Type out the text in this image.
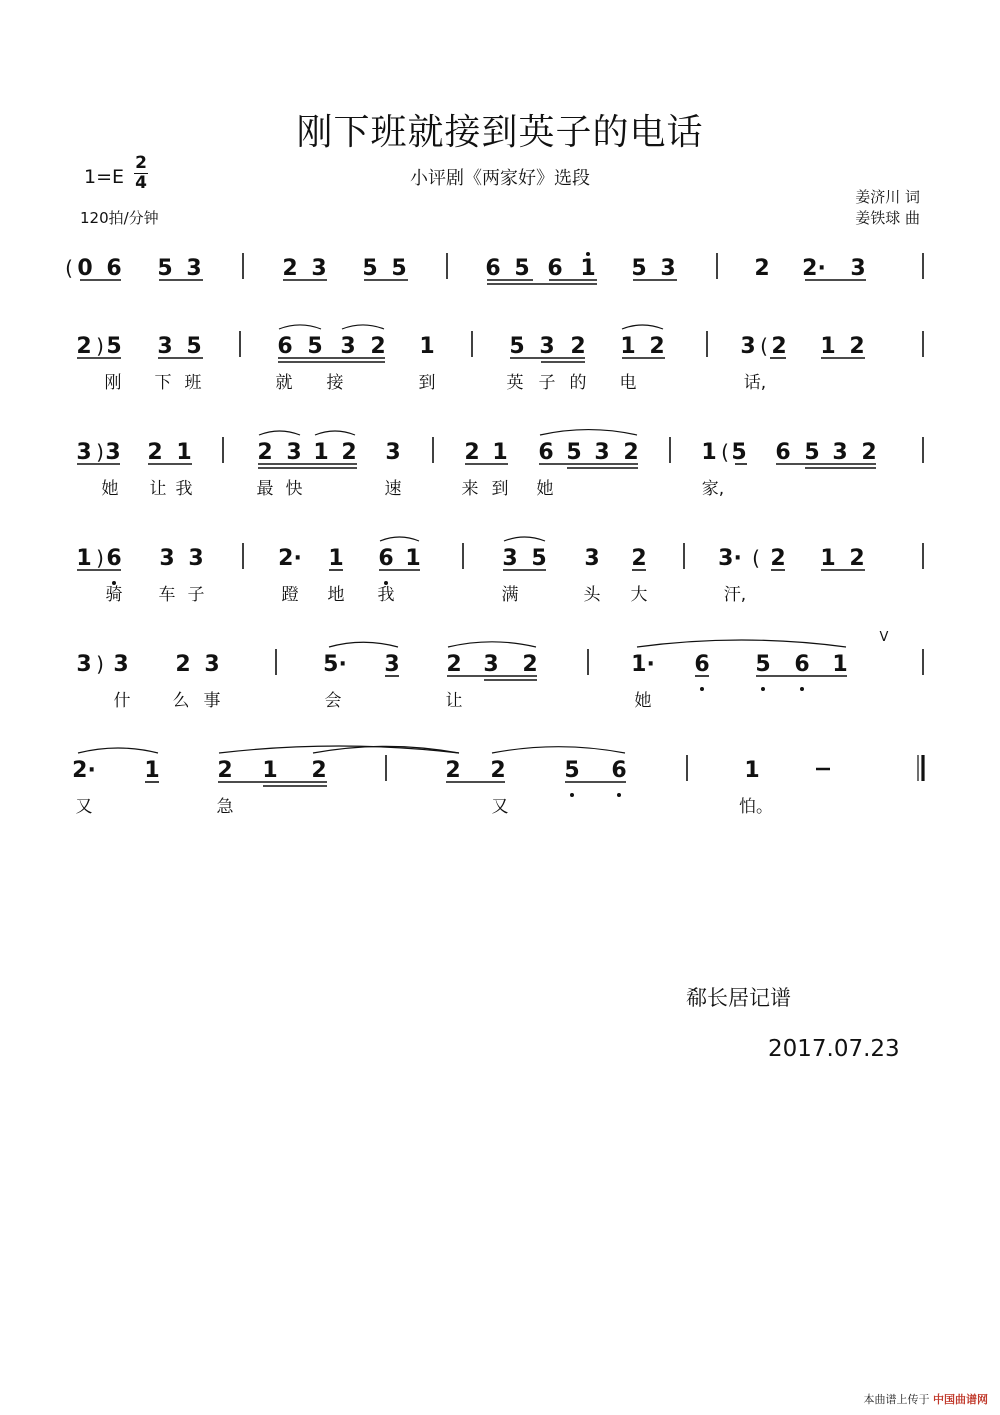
刚下班就接到英子的电话
小评剧《两家好》选段
1=E
2
4
120拍/分钟
姜济川 词
姜铁球 曲
( 0 6 5 3	2 3 5 5	6 5 6 1 5 3	2 2· 3
2 ) 5 3 5	6 5 3 2 1	5 3 2 1 2	3 ( 2 1 2
刚 下 班	就 接	到	英 子 的 电	话,
3 ) 3 2 1	2 3 1 2 3	2 1 6 5 3 2	1 ( 5 6 5 3 2
她 让 我	最 快	速	来 到 她	家,
1 ) 6 3 3	2· 1 6 1	3 5 3 2	3· ( 2 1 2
骑 车 子	蹬 地 我	满	头 大	汗,
3 ) 3 2 3	5· 3 2 3 2	1· 6 5 6 1
V
什 么 事	会	让	她
2· 1	2 1 2	2 2	5 6	1
又	急	又	怕。
郗长居记谱
2017.07.23
本曲谱上传于 中国曲谱网
